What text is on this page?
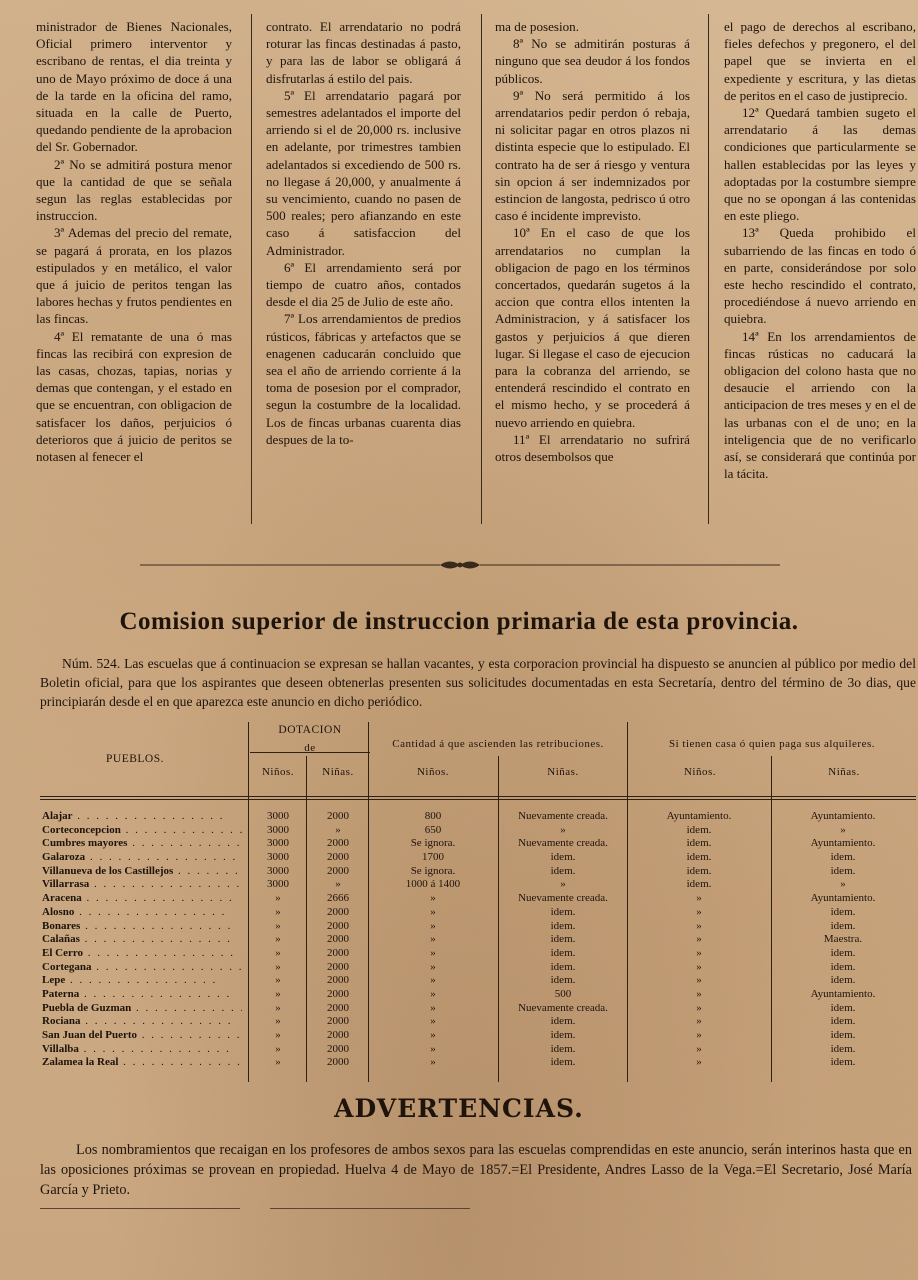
ministrador de Bienes Nacionales, Oficial primero interventor y escribano de rentas, el dia treinta y uno de Mayo próximo de doce á una de la tarde en la oficina del ramo, situada en la calle de Puerto, quedando pendiente de la aprobacion del Sr. Gobernador.

2ª No se admitirá postura menor que la cantidad de que se señala segun las reglas establecidas por instruccion.

3ª Ademas del precio del remate, se pagará á prorata, en los plazos estipulados y en metálico, el valor que á juicio de peritos tengan las labores hechas y frutos pendientes en las fincas.

4ª El rematante de una ó mas fincas las recibirá con expresion de las casas, chozas, tapias, norias y demas que contengan, y el estado en que se encuentran, con obligacion de satisfacer los daños, perjuicios ó deterioros que á juicio de peritos se notasen al fenecer el

contrato. El arrendatario no podrá roturar las fincas destinadas á pasto, y para las de labor se obligará á disfrutarlas á estilo del pais.

5ª El arrendatario pagará por semestres adelantados el importe del arriendo si el de 20,000 rs. inclusive en adelante, por trimestres tambien adelantados si excediendo de 500 rs. no llegase á 20,000, y anualmente á su vencimiento, cuando no pasen de 500 reales; pero afianzando en este caso á satisfaccion del Administrador.

6ª El arrendamiento será por tiempo de cuatro años, contados desde el dia 25 de Julio de este año.

7ª Los arrendamientos de predios rústicos, fábricas y artefactos que se enagenen caducarán concluido que sea el año de arriendo corriente á la toma de posesion por el comprador, segun la costumbre de la localidad. Los de fincas urbanas cuarenta dias despues de la to-

ma de posesion.

8ª No se admitirán posturas á ninguno que sea deudor á los fondos públicos.

9ª No será permitido á los arrendatarios pedir perdon ó rebaja, ni solicitar pagar en otros plazos ni distinta especie que lo estipulado. El contrato ha de ser á riesgo y ventura sin opcion á ser indemnizados por estincion de langosta, pedrisco ú otro caso é incidente imprevisto.

10ª En el caso de que los arrendatarios no cumplan la obligacion de pago en los términos concertados, quedarán sugetos á la accion que contra ellos intenten la Administracion, y á satisfacer los gastos y perjuicios á que dieren lugar. Si llegase el caso de ejecucion para la cobranza del arriendo, se entenderá rescindido el contrato en el mismo hecho, y se procederá á nuevo arriendo en quiebra.

11ª El arrendatario no sufrirá otros desembolsos que

el pago de derechos al escribano, fieles defechos y pregonero, el del papel que se invierta en el expediente y escritura, y las dietas de peritos en el caso de justiprecio.

12ª Quedará tambien sugeto el arrendatario á las demas condiciones que particularmente se hallen establecidas por las leyes y adoptadas por la costumbre siempre que no se opongan á las contenidas en este pliego.

13ª Queda prohibido el subarriendo de las fincas en todo ó en parte, considerándose por solo este hecho rescindido el contrato, procediéndose á nuevo arriendo en quiebra.

14ª En los arrendamientos de fincas rústicas no caducará la obligacion del colono hasta que no desaucie el arriendo con la anticipacion de tres meses y en el de las urbanas con el de uno; en la inteligencia que de no verificarlo así, se considerará que continúa por la tácita.

Comision superior de instruccion primaria de esta provincia.

Núm. 524. Las escuelas que á continuacion se expresan se hallan vacantes, y esta corporacion provincial ha dispuesto se anuncien al público por medio del Boletin oficial, para que los aspirantes que deseen obtenerlas presenten sus solicitudes documentadas en esta Secretaría, dentro del término de 3o dias, que principiarán desde el en que aparezca este anuncio en dicho periódico.

PUEBLOS.
DOTACION
de	Cantidad á que ascienden las retribuciones.	Si tienen casa ó quien paga sus alquileres.
Niños.	Niñas.	Niños.	Niñas.	Niños.	Niñas.
Alajar . . .	3000	2000	800	Nuevamente creada.	Ayuntamiento.	Ayuntamiento.
Corteconcepcion . . .	3000	»	650	»	idem.	»
Cumbres mayores . . .	3000	2000	Se ignora.	Nuevamente creada.	idem.	Ayuntamiento.
Galaroza . . .	3000	2000	1700	idem.	idem.	idem.
Villanueva de los Castillejos . . .	3000	2000	Se ignora.	idem.	idem.	idem.
Villarrasa . . .	3000	»	1000 á 1400	»	idem.	»
Aracena . . .	»	2666	»	Nuevamente creada.	»	Ayuntamiento.
Alosno . . .	»	2000	»	idem.	»	idem.
Bonares . . .	»	2000	»	idem.	»	idem.
Calañas . . .	»	2000	»	idem.	»	Maestra.
El Cerro . . .	»	2000	»	idem.	»	idem.
Cortegana . . .	»	2000	»	idem.	»	idem.
Lepe . . .	»	2000	»	idem.	»	idem.
Paterna . . .	»	2000	»	500	»	Ayuntamiento.
Puebla de Guzman . . .	»	2000	»	Nuevamente creada.	»	idem.
Rociana . . .	»	2000	»	idem.	»	idem.
San Juan del Puerto . . .	»	2000	»	idem.	»	idem.
Villalba . . .	»	2000	»	idem.	»	idem.
Zalamea la Real . . .	»	2000	»	idem.	»	idem.
ADVERTENCIAS.

Los nombramientos que recaigan en los profesores de ambos sexos para las escuelas comprendidas en este anuncio, serán interinos hasta que en las oposiciones próximas se provean en propiedad. Huelva 4 de Mayo de 1857.=El Presidente, Andres Lasso de la Vega.=El Secretario, José María García y Prieto.
